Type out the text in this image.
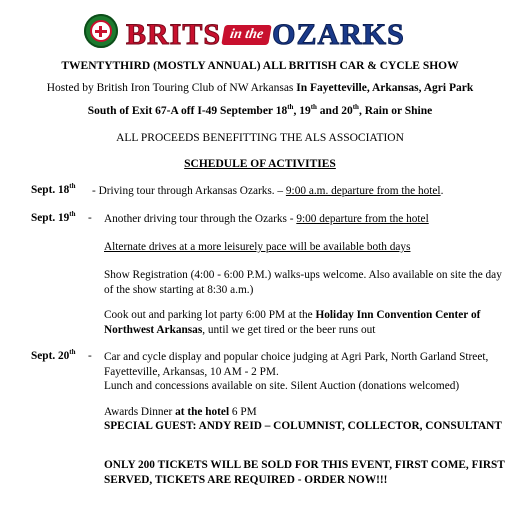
BRITS in the OZARKS
TWENTYTHIRD (MOSTLY ANNUAL) ALL BRITISH CAR & CYCLE SHOW
Hosted by British Iron Touring Club of NW Arkansas In Fayetteville, Arkansas, Agri Park
South of Exit 67-A off I-49 September 18th, 19th and 20th, Rain or Shine
ALL PROCEEDS BENEFITTING THE ALS ASSOCIATION
SCHEDULE OF ACTIVITIES
Sept. 18th - Driving tour through Arkansas Ozarks. – 9:00 a.m. departure from the hotel.
Sept. 19th - Another driving tour through the Ozarks - 9:00 departure from the hotel
Alternate drives at a more leisurely pace will be available both days
Show Registration (4:00 - 6:00 P.M.) walks-ups welcome. Also available on site the day of the show starting at 8:30 a.m.)
Cook out and parking lot party 6:00 PM at the Holiday Inn Convention Center of Northwest Arkansas, until we get tired or the beer runs out
Sept. 20th - Car and cycle display and popular choice judging at Agri Park, North Garland Street, Fayetteville, Arkansas, 10 AM - 2 PM.
Lunch and concessions available on site. Silent Auction (donations welcomed)
Awards Dinner at the hotel 6 PM
SPECIAL GUEST: ANDY REID – COLUMNIST, COLLECTOR, CONSULTANT
ONLY 200 TICKETS WILL BE SOLD FOR THIS EVENT, FIRST COME, FIRST SERVED, TICKETS ARE REQUIRED - ORDER NOW!!!
